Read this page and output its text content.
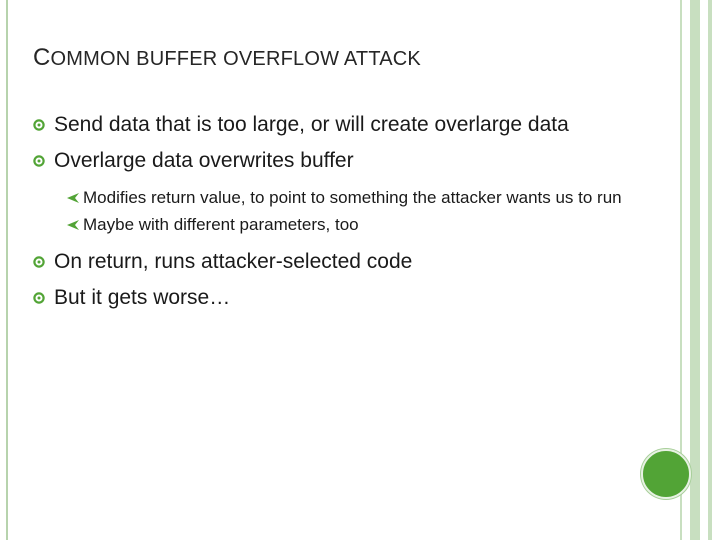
COMMON BUFFER OVERFLOW ATTACK
Send data that is too large, or will create overlarge data
Overlarge data overwrites buffer
Modifies return value, to point to something the attacker wants us to run
Maybe with different parameters, too
On return, runs attacker-selected code
But it gets worse…
